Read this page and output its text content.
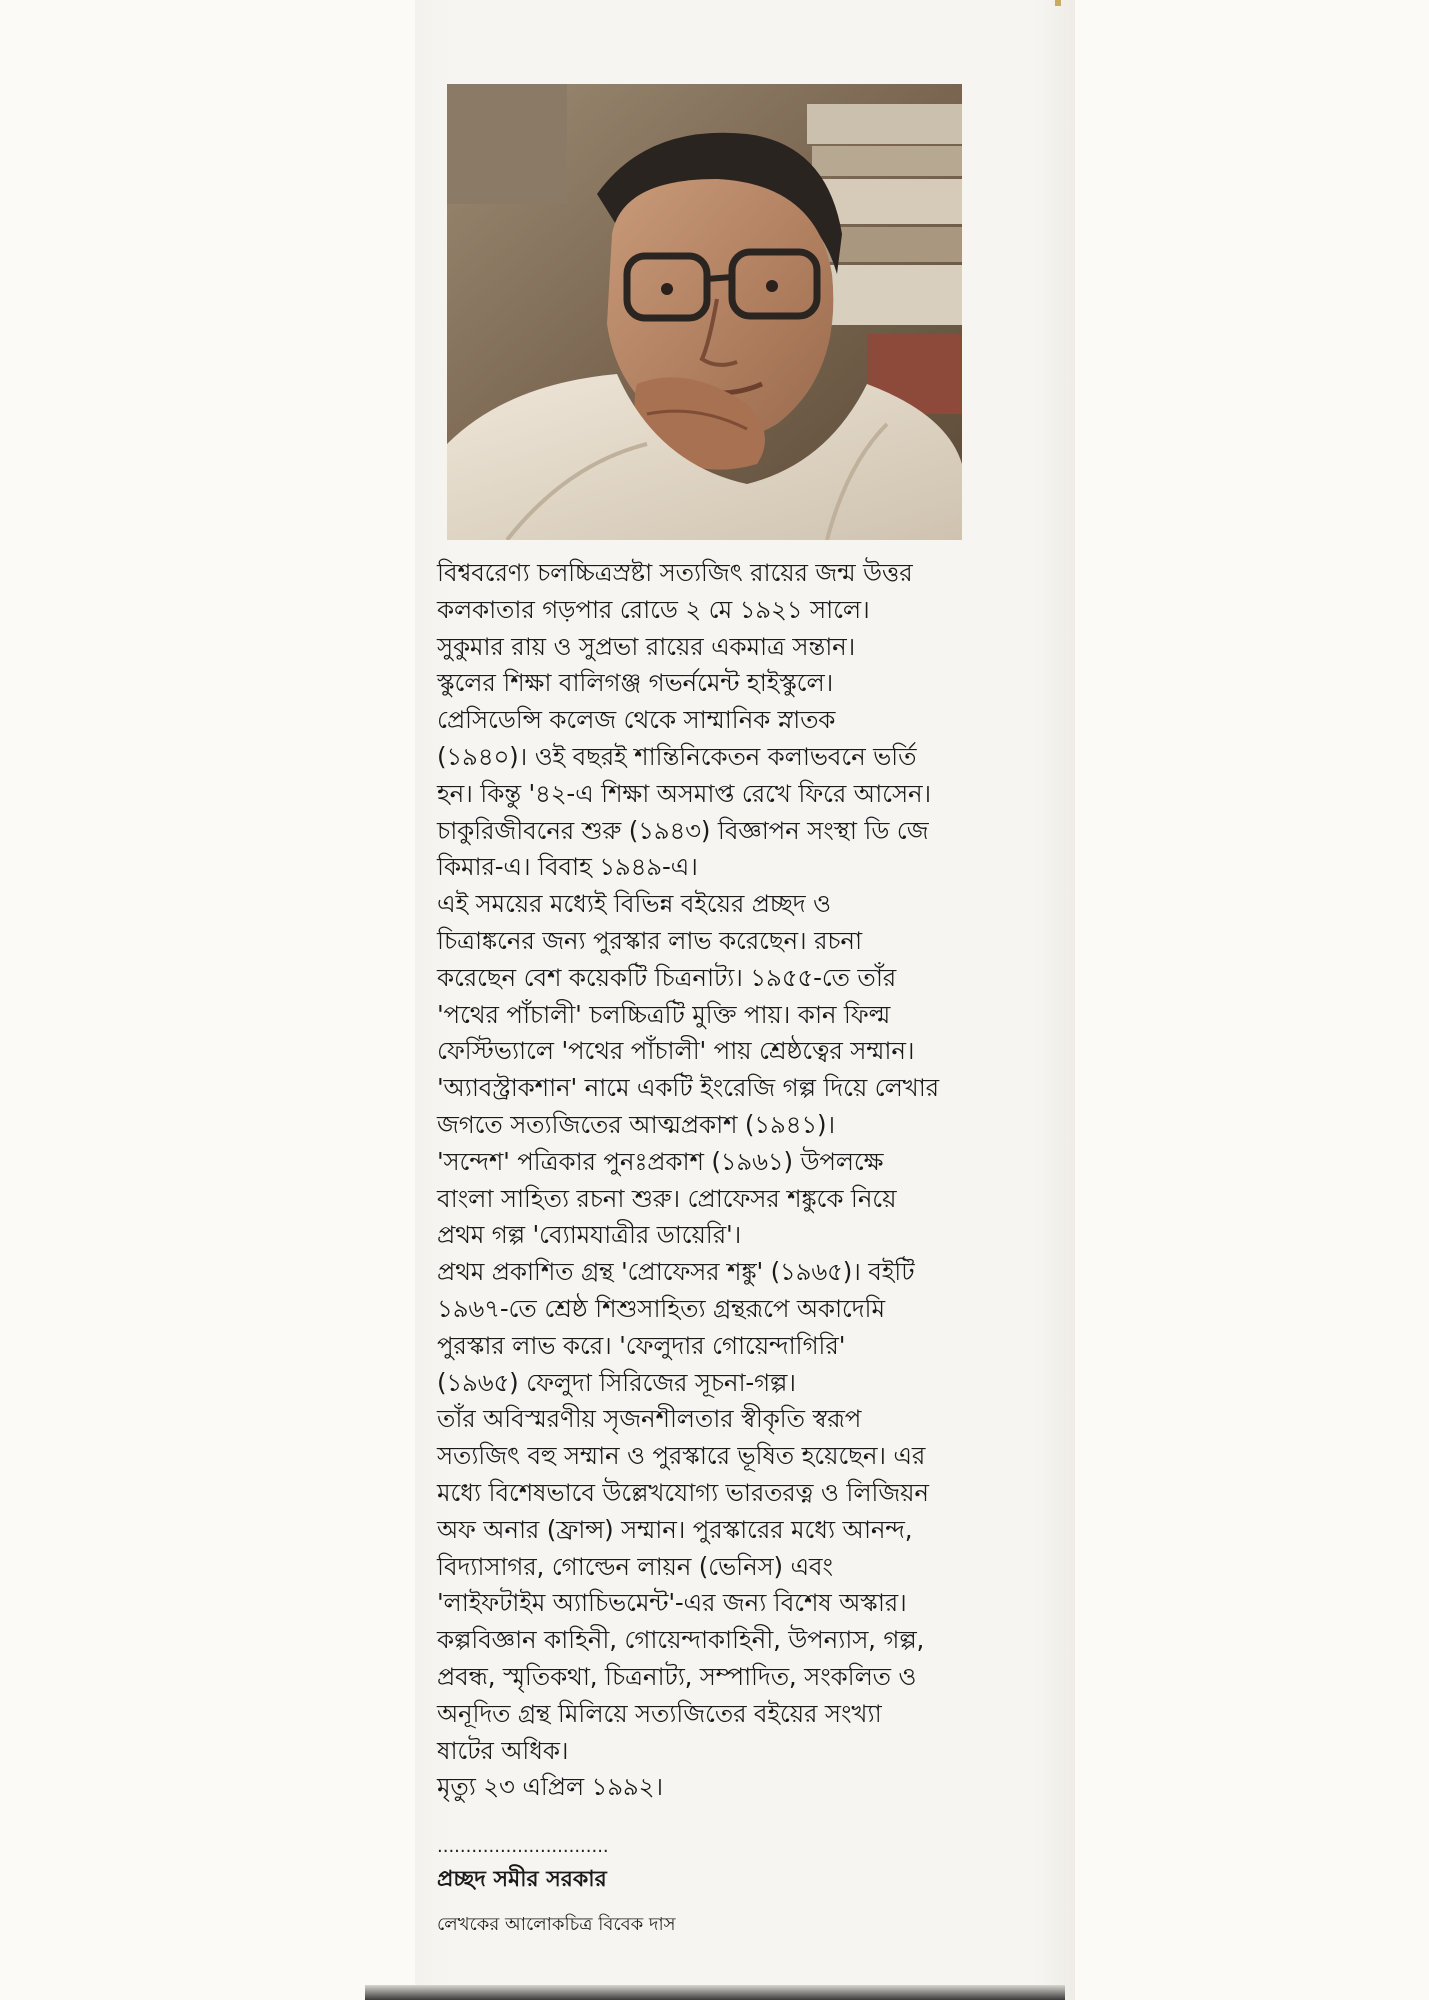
বিশ্ববরেণ্য চলচ্চিত্রস্রষ্টা সত্যজিৎ রায়ের জন্ম উত্তর
কলকাতার গড়পার রোডে ২ মে ১৯২১ সালে।
সুকুমার রায় ও সুপ্রভা রায়ের একমাত্র সন্তান।
স্কুলের শিক্ষা বালিগঞ্জ গভর্নমেন্ট হাইস্কুলে।
প্রেসিডেন্সি কলেজ থেকে সাম্মানিক স্নাতক
(১৯৪০)। ওই বছরই শান্তিনিকেতন কলাভবনে ভর্তি
হন। কিন্তু '৪২-এ শিক্ষা অসমাপ্ত রেখে ফিরে আসেন।
চাকুরিজীবনের শুরু (১৯৪৩) বিজ্ঞাপন সংস্থা ডি জে
কিমার-এ। বিবাহ ১৯৪৯-এ।
এই সময়ের মধ্যেই বিভিন্ন বইয়ের প্রচ্ছদ ও
চিত্রাঙ্কনের জন্য পুরস্কার লাভ করেছেন। রচনা
করেছেন বেশ কয়েকটি চিত্রনাট্য। ১৯৫৫-তে তাঁর
'পথের পাঁচালী' চলচ্চিত্রটি মুক্তি পায়। কান ফিল্ম
ফেস্টিভ্যালে 'পথের পাঁচালী' পায় শ্রেষ্ঠত্বের সম্মান।
'অ্যাবস্ট্রাকশান' নামে একটি ইংরেজি গল্প দিয়ে লেখার
জগতে সত্যজিতের আত্মপ্রকাশ (১৯৪১)।
'সন্দেশ' পত্রিকার পুনঃপ্রকাশ (১৯৬১) উপলক্ষে
বাংলা সাহিত্য রচনা শুরু। প্রোফেসর শঙ্কুকে নিয়ে
প্রথম গল্প 'ব্যোমযাত্রীর ডায়েরি'।
প্রথম প্রকাশিত গ্রন্থ 'প্রোফেসর শঙ্কু' (১৯৬৫)। বইটি
১৯৬৭-তে শ্রেষ্ঠ শিশুসাহিত্য গ্রন্থরূপে অকাদেমি
পুরস্কার লাভ করে। 'ফেলুদার গোয়েন্দাগিরি'
(১৯৬৫) ফেলুদা সিরিজের সূচনা-গল্প।
তাঁর অবিস্মরণীয় সৃজনশীলতার স্বীকৃতি স্বরূপ
সত্যজিৎ বহু সম্মান ও পুরস্কারে ভূষিত হয়েছেন। এর
মধ্যে বিশেষভাবে উল্লেখযোগ্য ভারতরত্ন ও লিজিয়ন
অফ অনার (ফ্রান্স) সম্মান। পুরস্কারের মধ্যে আনন্দ,
বিদ্যাসাগর, গোল্ডেন লায়ন (ভেনিস) এবং
'লাইফটাইম অ্যাচিভমেন্ট'-এর জন্য বিশেষ অস্কার।
কল্পবিজ্ঞান কাহিনী, গোয়েন্দাকাহিনী, উপন্যাস, গল্প,
প্রবন্ধ, স্মৃতিকথা, চিত্রনাট্য, সম্পাদিত, সংকলিত ও
অনূদিত গ্রন্থ মিলিয়ে সত্যজিতের বইয়ের সংখ্যা
ষাটের অধিক।
মৃত্যু ২৩ এপ্রিল ১৯৯২।
..............................
প্রচ্ছদ সমীর সরকার
লেখকের আলোকচিত্র বিবেক দাস
